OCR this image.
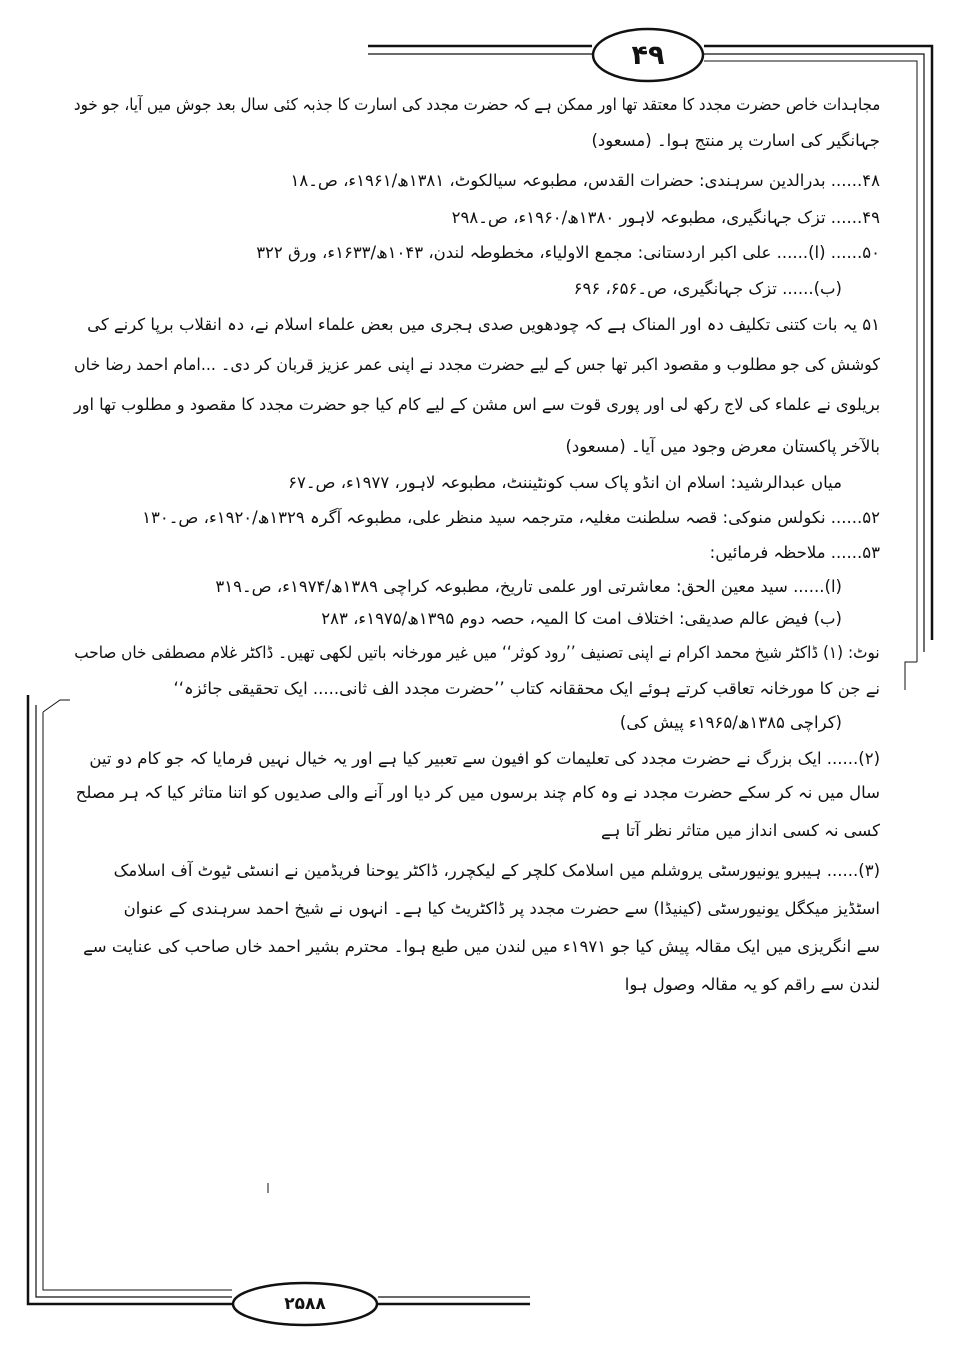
۴۹
۲۵۸۸
مجاہدات خاص حضرت مجدد کا معتقد تھا اور ممکن ہے کہ حضرت مجدد کی اسارت کا جذبہ کئی سال بعد جوش میں آیا، جو خود
جہانگیر کی اسارت پر منتج ہوا۔ (مسعود)
۴۸...... بدرالدین سرہندی: حضرات القدس، مطبوعہ سیالکوٹ، ۱۳۸۱ھ/۱۹۶۱ء، ص۔۱۸
۴۹...... تزک جہانگیری، مطبوعہ لاہور ۱۳۸۰ھ/۱۹۶۰ء، ص۔۲۹۸
۵۰...... (ا)...... علی اکبر اردستانی: مجمع الاولیاء، مخطوطہ لندن، ۱۰۴۳ھ/۱۶۳۳ء، ورق ۳۲۲
(ب)...... تزک جہانگیری، ص۔۶۵۶، ۶۹۶
۵۱ یہ بات کتنی تکلیف دہ اور المناک ہے کہ چودھویں صدی ہجری میں بعض علماء اسلام نے، دہ انقلاب برپا کرنے کی
کوشش کی جو مطلوب و مقصود اکبر تھا جس کے لیے حضرت مجدد نے اپنی عمر عزیز قربان کر دی۔ ...امام احمد رضا خاں
بریلوی نے علماء کی لاج رکھ لی اور پوری قوت سے اس مشن کے لیے کام کیا جو حضرت مجدد کا مقصود و مطلوب تھا اور
بالآخر پاکستان معرض وجود میں آیا۔ (مسعود)
میاں عبدالرشید: اسلام ان انڈو پاک سب کونٹیننٹ، مطبوعہ لاہور، ۱۹۷۷ء، ص۔۶۷
۵۲...... نکولس منوکی: قصہ سلطنت مغلیہ، مترجمہ سید منظر علی، مطبوعہ آگرہ ۱۳۲۹ھ/۱۹۲۰ء، ص۔۱۳۰
۵۳...... ملاحظہ فرمائیں:
(ا)...... سید معین الحق: معاشرتی اور علمی تاریخ، مطبوعہ کراچی ۱۳۸۹ھ/۱۹۷۴ء، ص۔۳۱۹
(ب) فیض عالم صدیقی: اختلاف امت کا المیہ، حصہ دوم ۱۳۹۵ھ/۱۹۷۵ء، ۲۸۳
نوٹ: (۱) ڈاکٹر شیخ محمد اکرام نے اپنی تصنیف ’’رود کوثر‘‘ میں غیر مورخانہ باتیں لکھی تھیں۔ ڈاکٹر غلام مصطفی خاں صاحب
نے جن کا مورخانہ تعاقب کرتے ہوئے ایک محققانہ کتاب ’’حضرت مجدد الف ثانی..... ایک تحقیقی جائزہ‘‘
(کراچی ۱۳۸۵ھ/۱۹۶۵ء پیش کی)
(۲)...... ایک بزرگ نے حضرت مجدد کی تعلیمات کو افیون سے تعبیر کیا ہے اور یہ خیال نہیں فرمایا کہ جو کام دو تین
سال میں نہ کر سکے حضرت مجدد نے وہ کام چند برسوں میں کر دیا اور آنے والی صدیوں کو اتنا متاثر کیا کہ ہر مصلح
کسی نہ کسی انداز میں متاثر نظر آتا ہے
(۳)...... ہیبرو یونیورسٹی یروشلم میں اسلامک کلچر کے لیکچرر، ڈاکٹر یوحنا فریڈمین نے انسٹی ٹیوٹ آف اسلامک
اسٹڈیز میکگل یونیورسٹی (کینیڈا) سے حضرت مجدد پر ڈاکٹریٹ کیا ہے۔ انہوں نے شیخ احمد سرہندی کے عنوان
سے انگریزی میں ایک مقالہ پیش کیا جو ۱۹۷۱ء میں لندن میں طبع ہوا۔ محترم بشیر احمد خاں صاحب کی عنایت سے
لندن سے راقم کو یہ مقالہ وصول ہوا
